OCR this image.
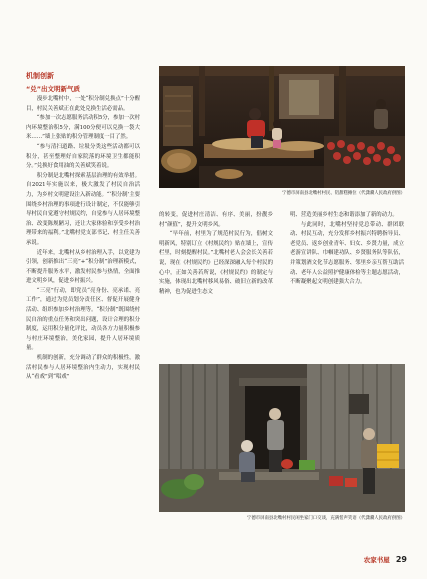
机制创新
“兑”出文明新气质

漫步北嘴村中，一处“积分制兑换点”十分醒目，村民关善斌正在此处兑换生活必需品。

“参加一次志愿服务活动积5分，参加一次村内环境整治积5分，满100分便可以兑换一袋大米……”墙上张贴的积分管理制度一目了然。

“参与清扫道路、垃圾分类这些活动都可以积分，甚至整理好自家院落的环境卫生都能积分。”兑换好食用油的关善斌笑着说。

积分制是北嘴村探索基层治理的有效举措。自2021年实施以来，极大激发了村民自治活力，为乡村文明建设注入新动能。“‘积分制’主要围绕乡村治理的事项进行设计制定，不仅能够引导村民自觉遵守村规民约，自觉参与人居环境整治、改变陈规陋习，还让大家体验和享受乡村治理带来的福利。”北嘴村党支部书记、村主任关善承说。

近年来，北嘴村从乡村治理入手，以党建为引领，创新推出“三亮”+“积分制”治理新模式，不断提升服务水平，激发村民参与热情，全面推进文明乡风，促进乡村振兴。

“三亮”行动，即党员“亮身份、亮承诺、亮工作”，通过为党员划分责任区、督促开展健身活动、组织参加乡村治理等。“积分制”既围绕村民自治的重点任务和突出问题，设计合理的积分制度，运用积分量化评比，动员各方力量积极参与村庄环境整治，美化家园，提升人居环境质量。

机制的创新，充分调动了群众的积极性，激活村民参与人居环境整治内生动力，实现村民从“看戏”到“唱戏”

宁德市屏南县北嘴村村民、铝甜糕摊位（代潇骥人民政府供图）

的转变，促进村庄清洁、有序、美丽，扮靓乡村“颜值”，提升文明乡风。

“早年前，村里为了规范村民行为，倡树文明新风，特别订立《村规民约》贴在墙上，宣传栏里，时刻提醒村民。”北嘴村老人会会长关善若说，现在《村规民约》已经深深融入每个村民的心中，正如关善若所说，《村规民约》的制定与实施，体现出北嘴村移风易俗、破旧立新的改革精神，也为促进生态文

明、营造美丽乡村生态和谐添加了新的动力。

与此同时，北嘴村坚持党总带动、群团联动、村民互动，充分发挥乡村振兴特聘指导员、老党员、返乡创业青年、妇女、乡贤力量，成立老游宣讲队、巾帼建功队、乡贤服务队等队伍，并策划酒文化节志愿服务、邻里乡亲互帮互助活动、老年人公益照护健康体检等主题志愿活动，不断凝聚起文明创建强大合力。

宁德市屏南县北嘴村村民闲坐家门口交谈，充满恬声笑语（代潇骥人民政府供图）
农家书屋 29
